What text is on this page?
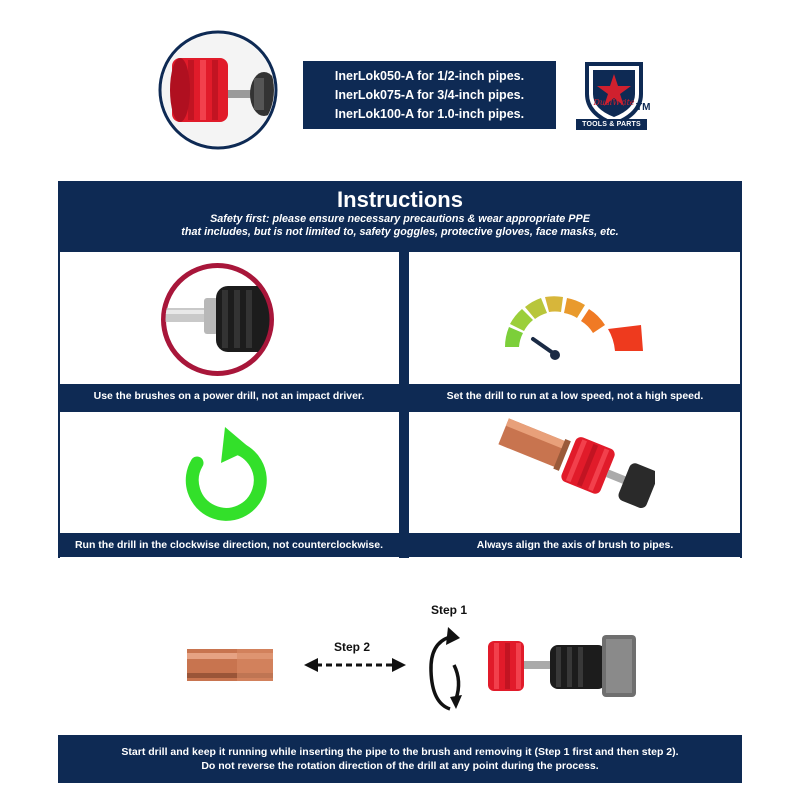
InerLok050-A for 1/2-inch pipes.
InerLok075-A for 3/4-inch pipes.
InerLok100-A for 1.0-inch pipes.
DualWrite TM
TOOLS & PARTS
Instructions
Safety first: please ensure necessary precautions & wear appropriate PPE
that includes, but is not limited to, safety goggles, protective gloves, face masks, etc.
Use the brushes on a power drill, not an impact driver.	Set the drill to run at a low speed, not a high speed.
Run the drill in the clockwise direction, not counterclockwise.	Always align the axis of brush to pipes.
Step 2
Step 1
Start drill and keep it running while inserting the pipe to the brush and removing it (Step 1 first and then step 2).
Do not reverse the rotation direction of the drill at any point during the process.
